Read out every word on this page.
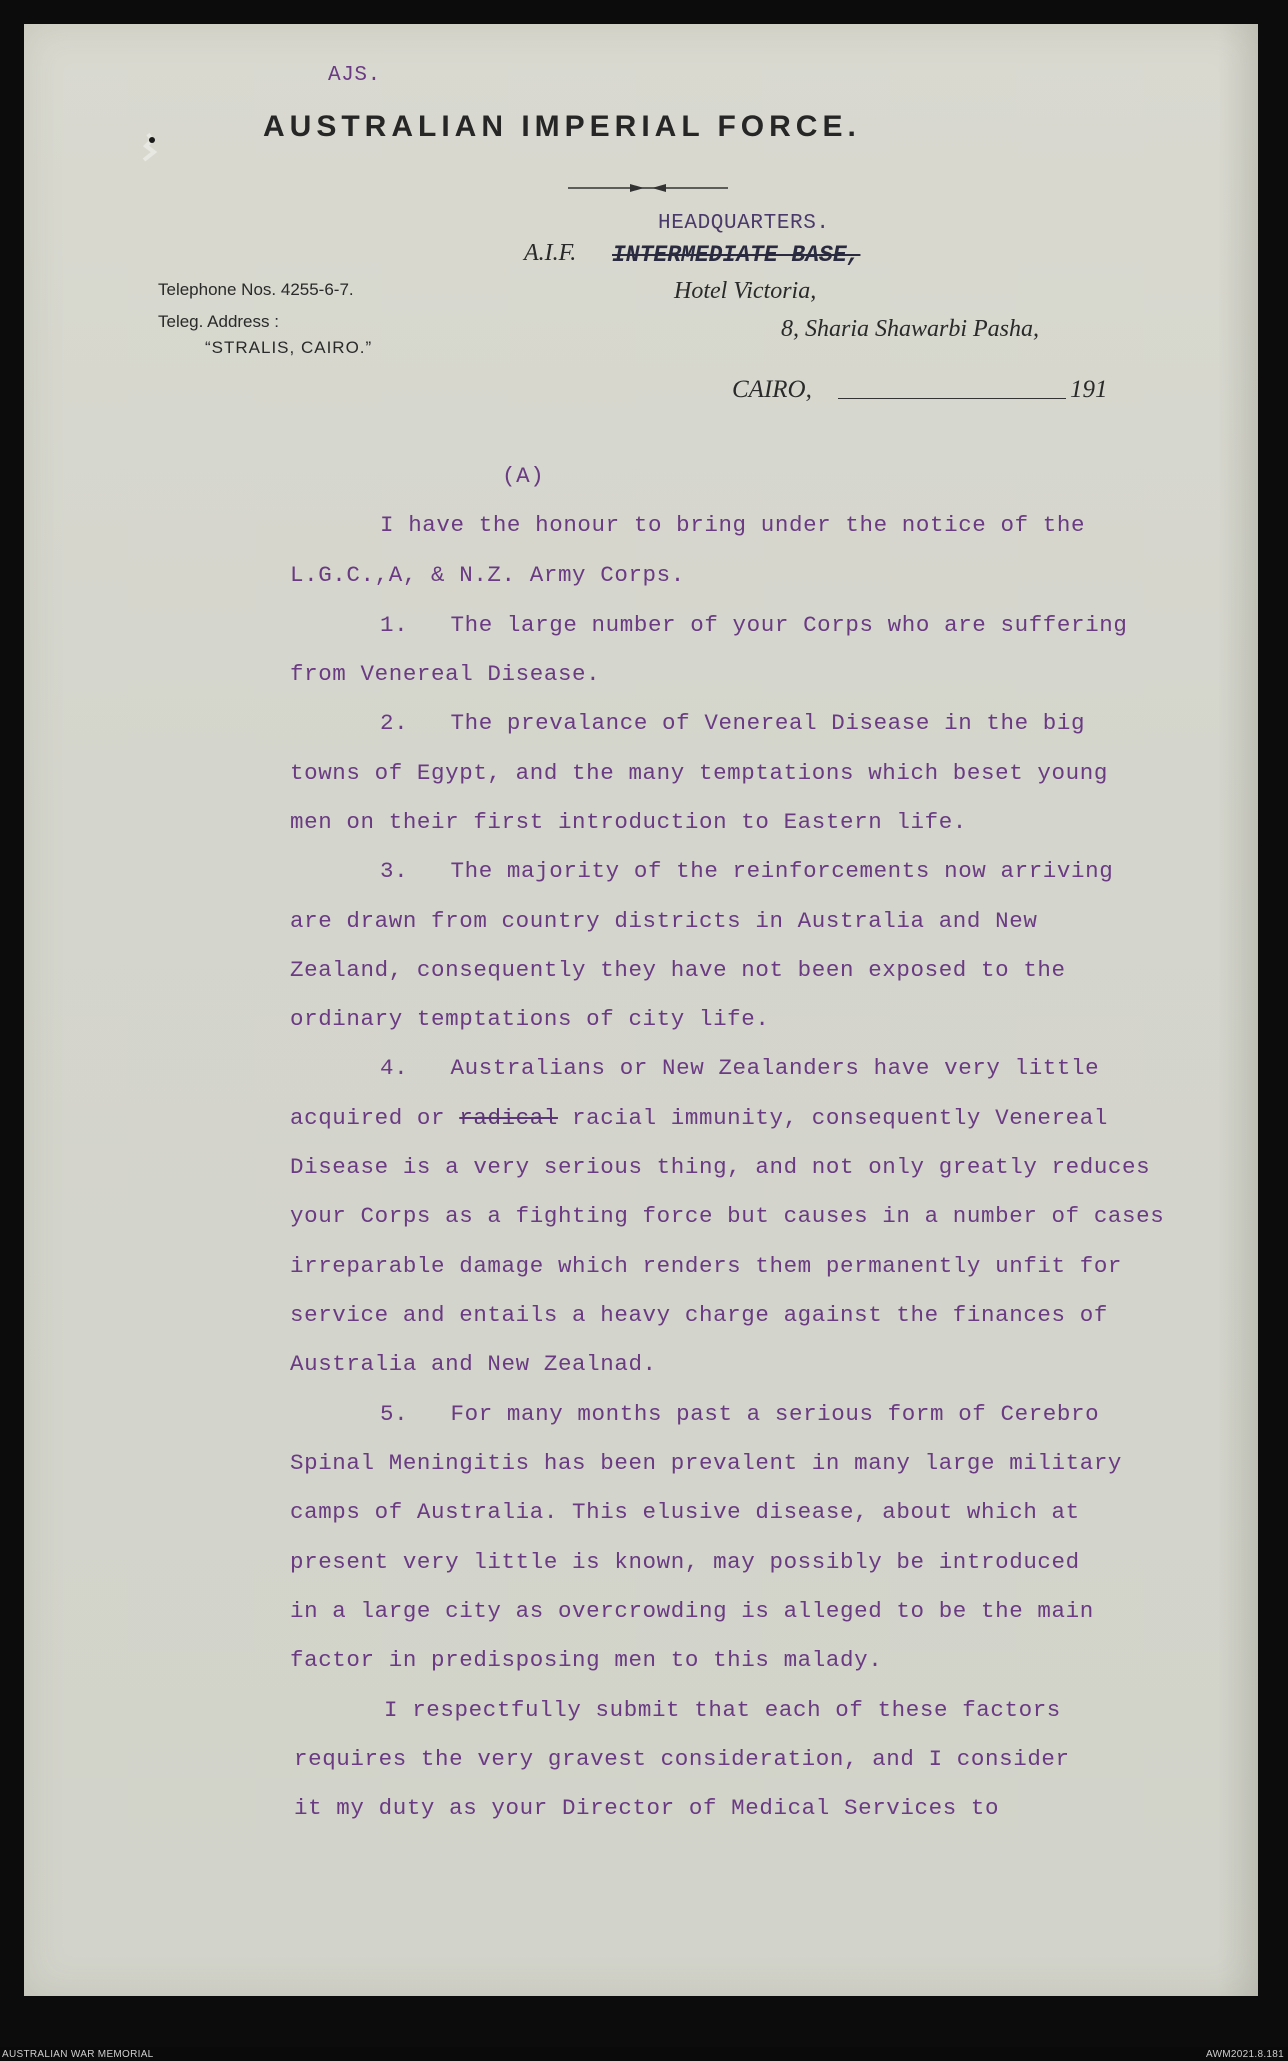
AJS.
AUSTRALIAN IMPERIAL FORCE.
HEADQUARTERS.
A.I.F. INTERMEDIATE BASE,
Hotel Victoria,
8, Sharia Shawarbi Pasha,
Telephone Nos. 4255-6-7.
Teleg. Address :
“STRALIS, CAIRO.”
CAIRO,	191
(A)
I have the honour to bring under the notice of the
L.G.C.,A, & N.Z. Army Corps.
1.   The large number of your Corps who are suffering
from Venereal Disease.
2.   The prevalance of Venereal Disease in the big
towns of Egypt, and the many temptations which beset young
men on their first introduction to Eastern life.
3.   The majority of the reinforcements now arriving
are drawn from country districts in Australia and New
Zealand, consequently they have not been exposed to the
ordinary temptations of city life.
4.   Australians or New Zealanders have very little
acquired or radical racial immunity, consequently Venereal
Disease is a very serious thing, and not only greatly reduces
your Corps as a fighting force but causes in a number of cases
irreparable damage which renders them permanently unfit for
service and entails a heavy charge against the finances of
Australia and New Zealnad.
5.   For many months past a serious form of Cerebro
Spinal Meningitis has been prevalent in many large military
camps of Australia. This elusive disease, about which at
present very little is known, may possibly be introduced
in a large city as overcrowding is alleged to be the main
factor in predisposing men to this malady.
I respectfully submit that each of these factors
requires the very gravest consideration, and I consider
it my duty as your Director of Medical Services to
AUSTRALIAN WAR MEMORIAL	AWM2021.8.181
